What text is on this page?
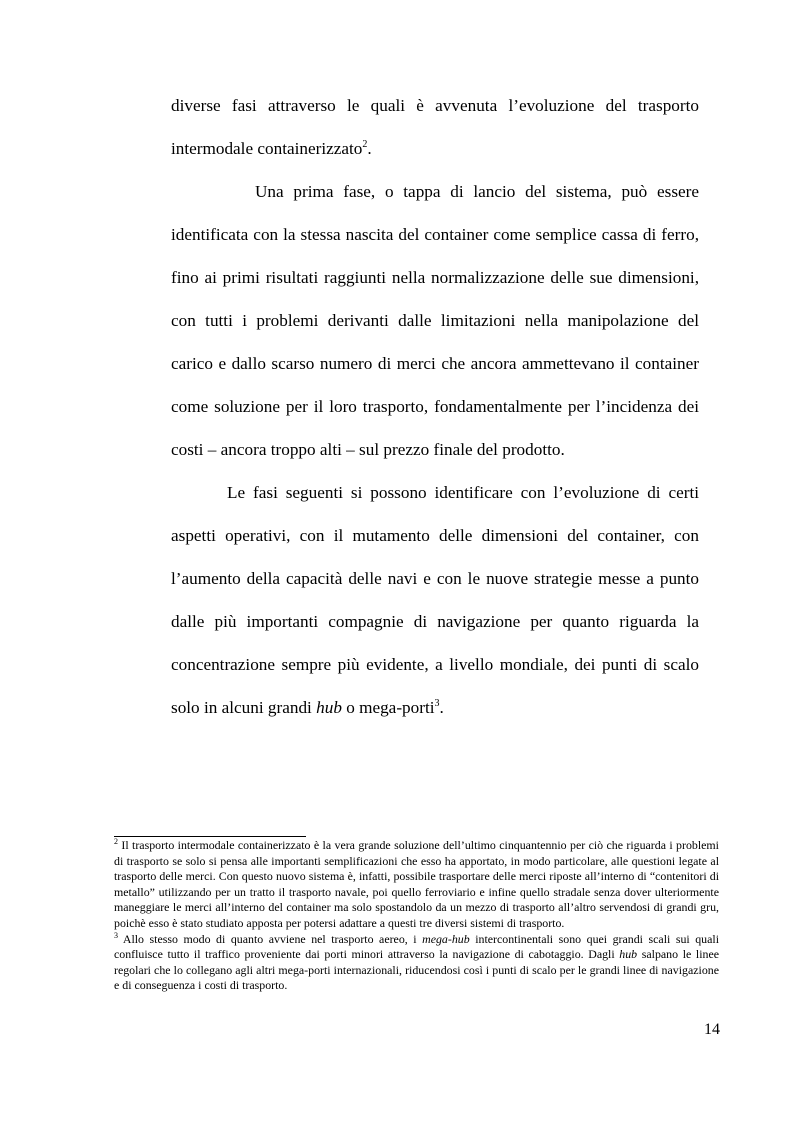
diverse fasi attraverso le quali è avvenuta l’evoluzione del trasporto intermodale containerizzato$^2$.

Una prima fase, o tappa di lancio del sistema, può essere identificata con la stessa nascita del container come semplice cassa di ferro, fino ai primi risultati raggiunti nella normalizzazione delle sue dimensioni, con tutti i problemi derivanti dalle limitazioni nella manipolazione del carico e dallo scarso numero di merci che ancora ammettevano il container come soluzione per il loro trasporto, fondamentalmente per l’incidenza dei costi – ancora troppo alti – sul prezzo finale del prodotto.

Le fasi seguenti si possono identificare con l’evoluzione di certi aspetti operativi, con il mutamento delle dimensioni del container, con l’aumento della capacità delle navi e con le nuove strategie messe a punto dalle più importanti compagnie di navigazione per quanto riguarda la concentrazione sempre più evidente, a livello mondiale, dei punti di scalo solo in alcuni grandi hub o mega-porti$^3$.

$^2$ Il trasporto intermodale containerizzato è la vera grande soluzione dell’ultimo cinquantennio per ciò che riguarda i problemi di trasporto se solo si pensa alle importanti semplificazioni che esso ha apportato, in modo particolare, alle questioni legate al trasporto delle merci. Con questo nuovo sistema è, infatti, possibile trasportare delle merci riposte all’interno di “contenitori di metallo” utilizzando per un tratto il trasporto navale, poi quello ferroviario e infine quello stradale senza dover ulteriormente maneggiare le merci all’interno del container ma solo spostandolo da un mezzo di trasporto all’altro servendosi di grandi gru, poichè esso è stato studiato apposta per potersi adattare a questi tre diversi sistemi di trasporto.

$^3$ Allo stesso modo di quanto avviene nel trasporto aereo, i mega-hub intercontinentali sono quei grandi scali sui quali confluisce tutto il traffico proveniente dai porti minori attraverso la navigazione di cabotaggio. Dagli hub salpano le linee regolari che lo collegano agli altri mega-porti internazionali, riducendosi così i punti di scalo per le grandi linee di navigazione e di conseguenza i costi di trasporto.

14
